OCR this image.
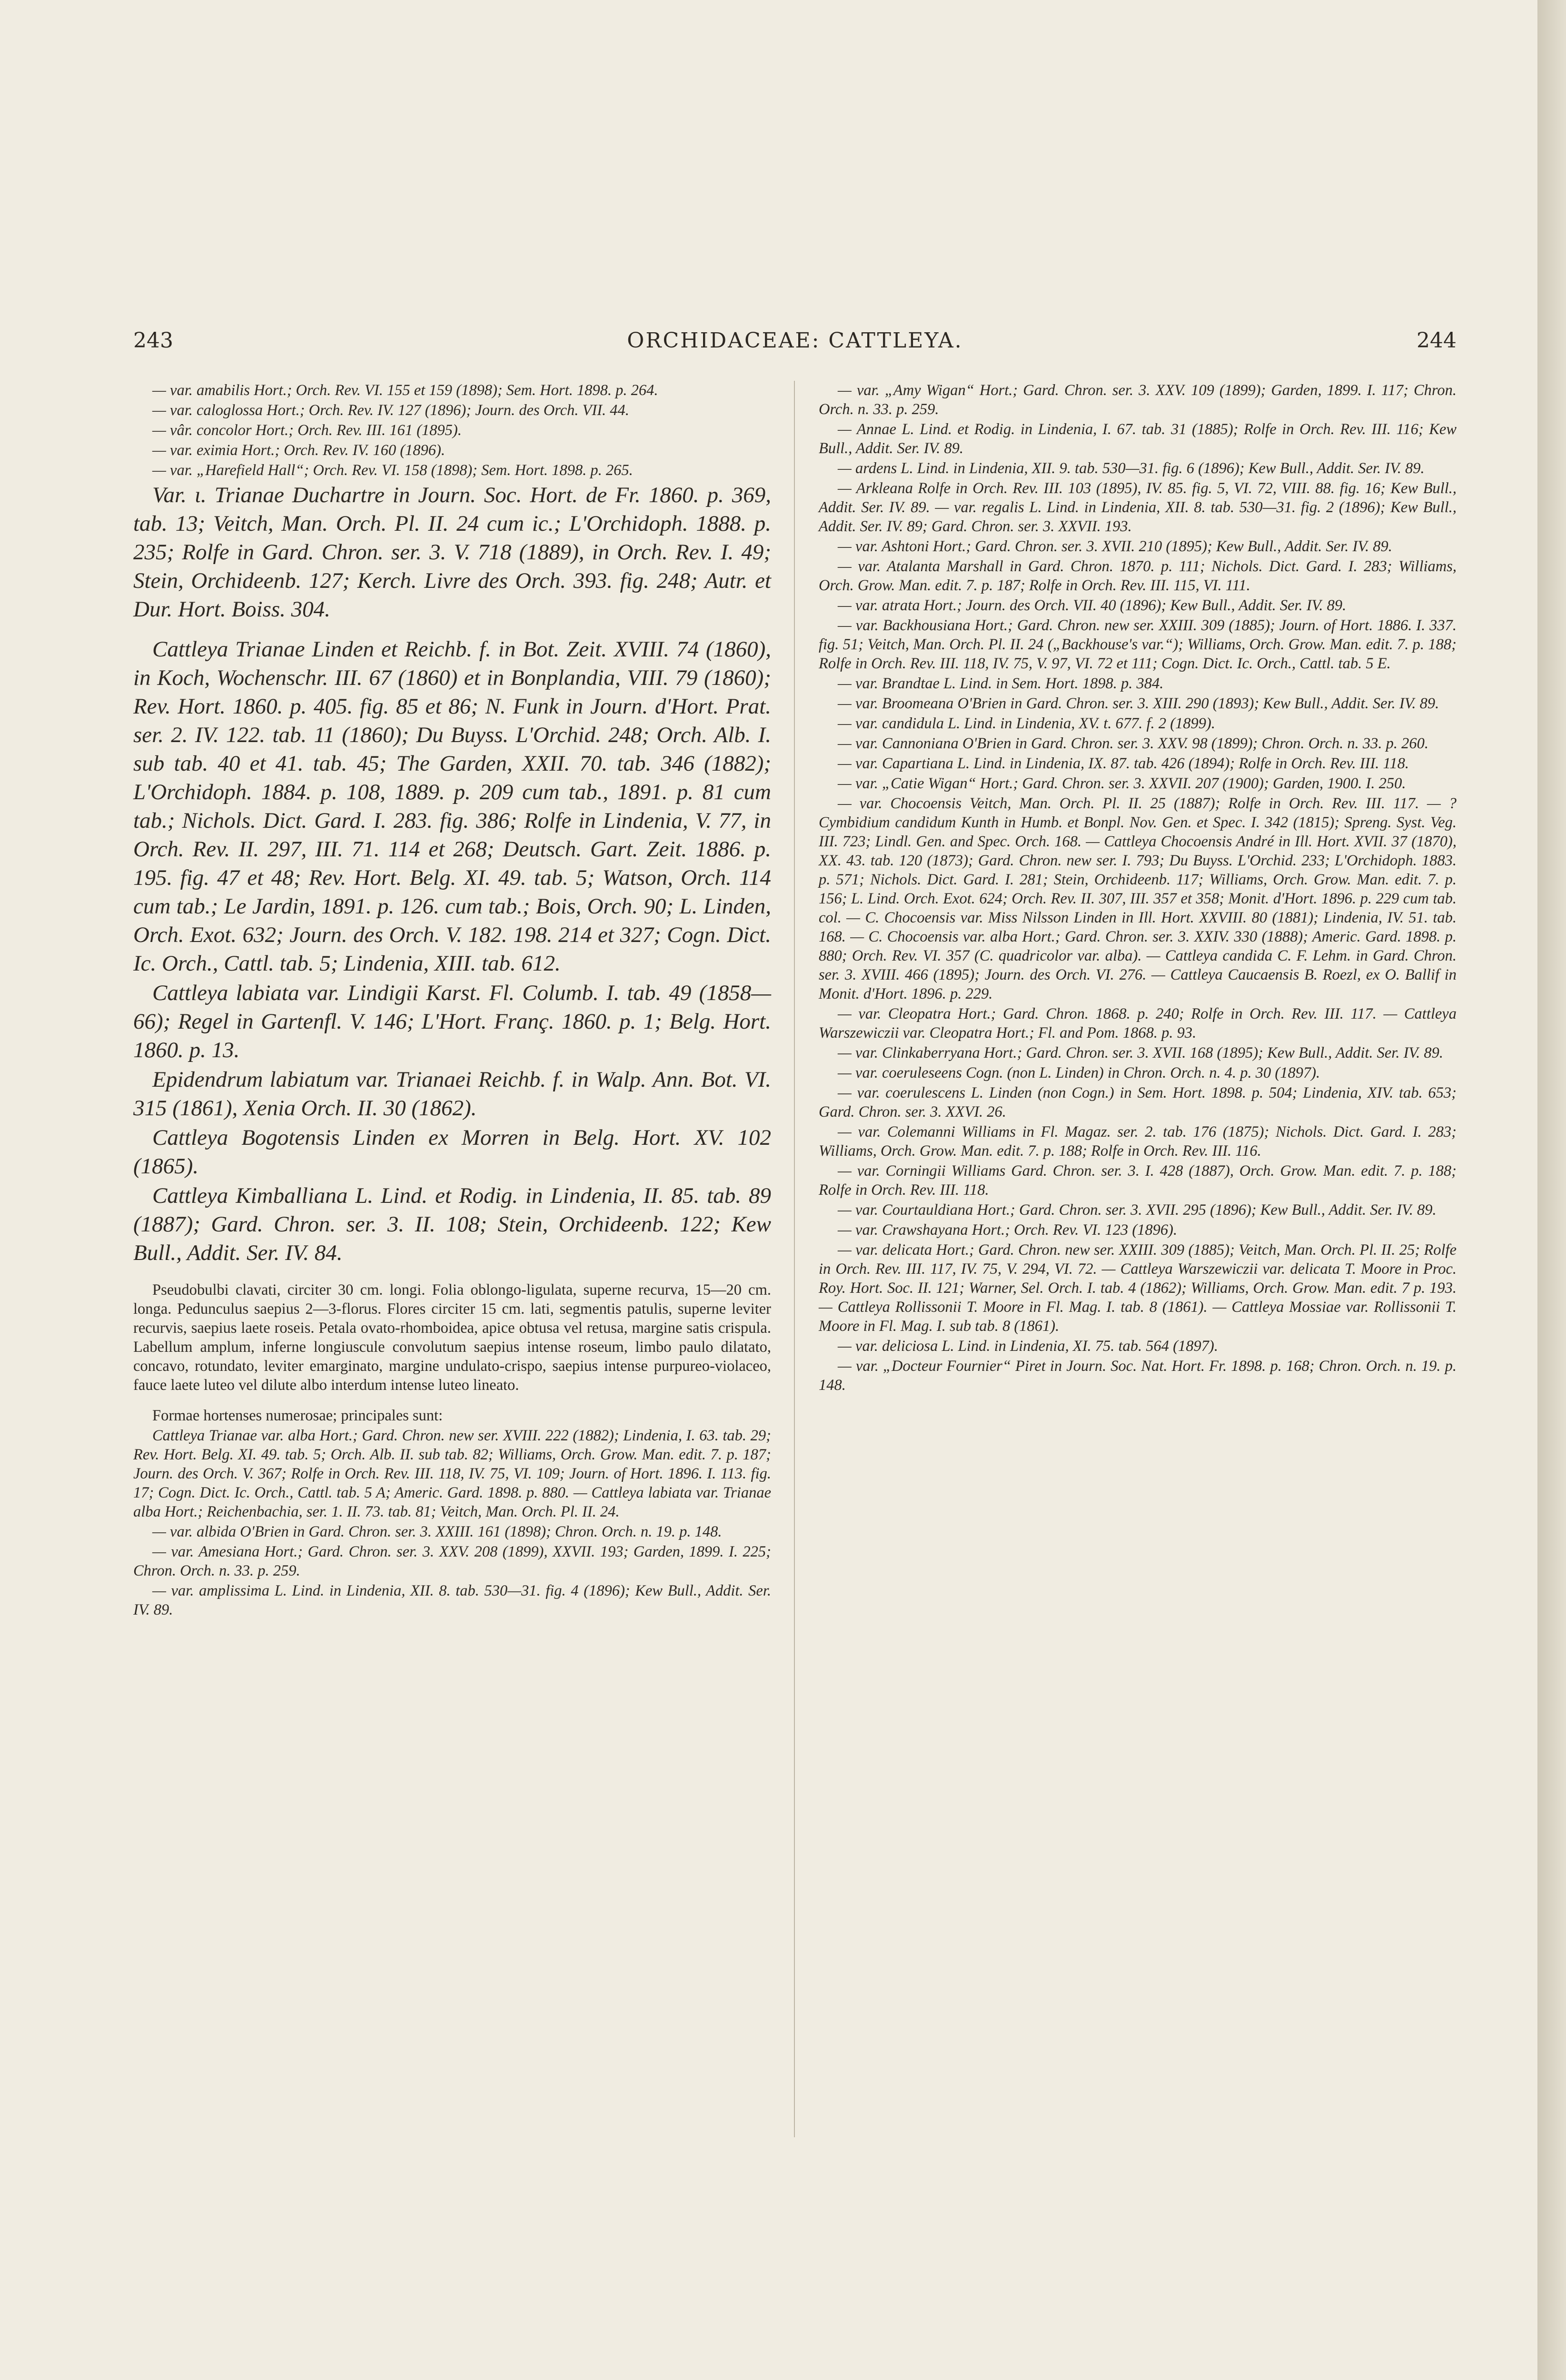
243	ORCHIDACEAE: CATTLEYA.	244

— var. amabilis Hort.; Orch. Rev. VI. 155 et 159 (1898); Sem. Hort. 1898. p. 264.

— var. caloglossa Hort.; Orch. Rev. IV. 127 (1896); Journ. des Orch. VII. 44.

— vâr. concolor Hort.; Orch. Rev. III. 161 (1895).

— var. eximia Hort.; Orch. Rev. IV. 160 (1896).

— var. „Harefield Hall“; Orch. Rev. VI. 158 (1898); Sem. Hort. 1898. p. 265.

Var. ι. Trianae Duchartre in Journ. Soc. Hort. de Fr. 1860. p. 369, tab. 13; Veitch, Man. Orch. Pl. II. 24 cum ic.; L'Orchidoph. 1888. p. 235; Rolfe in Gard. Chron. ser. 3. V. 718 (1889), in Orch. Rev. I. 49; Stein, Orchideenb. 127; Kerch. Livre des Orch. 393. fig. 248; Autr. et Dur. Hort. Boiss. 304.

Cattleya Trianae Linden et Reichb. f. in Bot. Zeit. XVIII. 74 (1860), in Koch, Wochenschr. III. 67 (1860) et in Bonplandia, VIII. 79 (1860); Rev. Hort. 1860. p. 405. fig. 85 et 86; N. Funk in Journ. d'Hort. Prat. ser. 2. IV. 122. tab. 11 (1860); Du Buyss. L'Orchid. 248; Orch. Alb. I. sub tab. 40 et 41. tab. 45; The Garden, XXII. 70. tab. 346 (1882); L'Orchidoph. 1884. p. 108, 1889. p. 209 cum tab., 1891. p. 81 cum tab.; Nichols. Dict. Gard. I. 283. fig. 386; Rolfe in Lindenia, V. 77, in Orch. Rev. II. 297, III. 71. 114 et 268; Deutsch. Gart. Zeit. 1886. p. 195. fig. 47 et 48; Rev. Hort. Belg. XI. 49. tab. 5; Watson, Orch. 114 cum tab.; Le Jardin, 1891. p. 126. cum tab.; Bois, Orch. 90; L. Linden, Orch. Exot. 632; Journ. des Orch. V. 182. 198. 214 et 327; Cogn. Dict. Ic. Orch., Cattl. tab. 5; Lindenia, XIII. tab. 612.

Cattleya labiata var. Lindigii Karst. Fl. Columb. I. tab. 49 (1858—66); Regel in Gartenfl. V. 146; L'Hort. Franç. 1860. p. 1; Belg. Hort. 1860. p. 13.

Epidendrum labiatum var. Trianaei Reichb. f. in Walp. Ann. Bot. VI. 315 (1861), Xenia Orch. II. 30 (1862).

Cattleya Bogotensis Linden ex Morren in Belg. Hort. XV. 102 (1865).

Cattleya Kimballiana L. Lind. et Rodig. in Lindenia, II. 85. tab. 89 (1887); Gard. Chron. ser. 3. II. 108; Stein, Orchideenb. 122; Kew Bull., Addit. Ser. IV. 84.

Pseudobulbi clavati, circiter 30 cm. longi. Folia oblongo-ligulata, superne recurva, 15—20 cm. longa. Pedunculus saepius 2—3-florus. Flores circiter 15 cm. lati, segmentis patulis, superne leviter recurvis, saepius laete roseis. Petala ovato-rhomboidea, apice obtusa vel retusa, margine satis crispula. Labellum amplum, inferne longiuscule convolutum saepius intense roseum, limbo paulo dilatato, concavo, rotundato, leviter emarginato, margine undulato-crispo, saepius intense purpureo-violaceo, fauce laete luteo vel dilute albo interdum intense luteo lineato.

Formae hortenses numerosae; principales sunt:

Cattleya Trianae var. alba Hort.; Gard. Chron. new ser. XVIII. 222 (1882); Lindenia, I. 63. tab. 29; Rev. Hort. Belg. XI. 49. tab. 5; Orch. Alb. II. sub tab. 82; Williams, Orch. Grow. Man. edit. 7. p. 187; Journ. des Orch. V. 367; Rolfe in Orch. Rev. III. 118, IV. 75, VI. 109; Journ. of Hort. 1896. I. 113. fig. 17; Cogn. Dict. Ic. Orch., Cattl. tab. 5 A; Americ. Gard. 1898. p. 880. — Cattleya labiata var. Trianae alba Hort.; Reichenbachia, ser. 1. II. 73. tab. 81; Veitch, Man. Orch. Pl. II. 24.

— var. albida O'Brien in Gard. Chron. ser. 3. XXIII. 161 (1898); Chron. Orch. n. 19. p. 148.

— var. Amesiana Hort.; Gard. Chron. ser. 3. XXV. 208 (1899), XXVII. 193; Garden, 1899. I. 225; Chron. Orch. n. 33. p. 259.

— var. amplissima L. Lind. in Lindenia, XII. 8. tab. 530—31. fig. 4 (1896); Kew Bull., Addit. Ser. IV. 89.

— var. „Amy Wigan“ Hort.; Gard. Chron. ser. 3. XXV. 109 (1899); Garden, 1899. I. 117; Chron. Orch. n. 33. p. 259.

— Annae L. Lind. et Rodig. in Lindenia, I. 67. tab. 31 (1885); Rolfe in Orch. Rev. III. 116; Kew Bull., Addit. Ser. IV. 89.

— ardens L. Lind. in Lindenia, XII. 9. tab. 530—31. fig. 6 (1896); Kew Bull., Addit. Ser. IV. 89.

— Arkleana Rolfe in Orch. Rev. III. 103 (1895), IV. 85. fig. 5, VI. 72, VIII. 88. fig. 16; Kew Bull., Addit. Ser. IV. 89. — var. regalis L. Lind. in Lindenia, XII. 8. tab. 530—31. fig. 2 (1896); Kew Bull., Addit. Ser. IV. 89; Gard. Chron. ser. 3. XXVII. 193.

— var. Ashtoni Hort.; Gard. Chron. ser. 3. XVII. 210 (1895); Kew Bull., Addit. Ser. IV. 89.

— var. Atalanta Marshall in Gard. Chron. 1870. p. 111; Nichols. Dict. Gard. I. 283; Williams, Orch. Grow. Man. edit. 7. p. 187; Rolfe in Orch. Rev. III. 115, VI. 111.

— var. atrata Hort.; Journ. des Orch. VII. 40 (1896); Kew Bull., Addit. Ser. IV. 89.

— var. Backhousiana Hort.; Gard. Chron. new ser. XXIII. 309 (1885); Journ. of Hort. 1886. I. 337. fig. 51; Veitch, Man. Orch. Pl. II. 24 („Backhouse's var.“); Williams, Orch. Grow. Man. edit. 7. p. 188; Rolfe in Orch. Rev. III. 118, IV. 75, V. 97, VI. 72 et 111; Cogn. Dict. Ic. Orch., Cattl. tab. 5 E.

— var. Brandtae L. Lind. in Sem. Hort. 1898. p. 384.

— var. Broomeana O'Brien in Gard. Chron. ser. 3. XIII. 290 (1893); Kew Bull., Addit. Ser. IV. 89.

— var. candidula L. Lind. in Lindenia, XV. t. 677. f. 2 (1899).

— var. Cannoniana O'Brien in Gard. Chron. ser. 3. XXV. 98 (1899); Chron. Orch. n. 33. p. 260.

— var. Capartiana L. Lind. in Lindenia, IX. 87. tab. 426 (1894); Rolfe in Orch. Rev. III. 118.

— var. „Catie Wigan“ Hort.; Gard. Chron. ser. 3. XXVII. 207 (1900); Garden, 1900. I. 250.

— var. Chocoensis Veitch, Man. Orch. Pl. II. 25 (1887); Rolfe in Orch. Rev. III. 117. — ? Cymbidium candidum Kunth in Humb. et Bonpl. Nov. Gen. et Spec. I. 342 (1815); Spreng. Syst. Veg. III. 723; Lindl. Gen. and Spec. Orch. 168. — Cattleya Chocoensis André in Ill. Hort. XVII. 37 (1870), XX. 43. tab. 120 (1873); Gard. Chron. new ser. I. 793; Du Buyss. L'Orchid. 233; L'Orchidoph. 1883. p. 571; Nichols. Dict. Gard. I. 281; Stein, Orchideenb. 117; Williams, Orch. Grow. Man. edit. 7. p. 156; L. Lind. Orch. Exot. 624; Orch. Rev. II. 307, III. 357 et 358; Monit. d'Hort. 1896. p. 229 cum tab. col. — C. Chocoensis var. Miss Nilsson Linden in Ill. Hort. XXVIII. 80 (1881); Lindenia, IV. 51. tab. 168. — C. Chocoensis var. alba Hort.; Gard. Chron. ser. 3. XXIV. 330 (1888); Americ. Gard. 1898. p. 880; Orch. Rev. VI. 357 (C. quadricolor var. alba). — Cattleya candida C. F. Lehm. in Gard. Chron. ser. 3. XVIII. 466 (1895); Journ. des Orch. VI. 276. — Cattleya Caucaensis B. Roezl, ex O. Ballif in Monit. d'Hort. 1896. p. 229.

— var. Cleopatra Hort.; Gard. Chron. 1868. p. 240; Rolfe in Orch. Rev. III. 117. — Cattleya Warszewiczii var. Cleopatra Hort.; Fl. and Pom. 1868. p. 93.

— var. Clinkaberryana Hort.; Gard. Chron. ser. 3. XVII. 168 (1895); Kew Bull., Addit. Ser. IV. 89.

— var. coeruleseens Cogn. (non L. Linden) in Chron. Orch. n. 4. p. 30 (1897).

— var. coerulescens L. Linden (non Cogn.) in Sem. Hort. 1898. p. 504; Lindenia, XIV. tab. 653; Gard. Chron. ser. 3. XXVI. 26.

— var. Colemanni Williams in Fl. Magaz. ser. 2. tab. 176 (1875); Nichols. Dict. Gard. I. 283; Williams, Orch. Grow. Man. edit. 7. p. 188; Rolfe in Orch. Rev. III. 116.

— var. Corningii Williams Gard. Chron. ser. 3. I. 428 (1887), Orch. Grow. Man. edit. 7. p. 188; Rolfe in Orch. Rev. III. 118.

— var. Courtauldiana Hort.; Gard. Chron. ser. 3. XVII. 295 (1896); Kew Bull., Addit. Ser. IV. 89.

— var. Crawshayana Hort.; Orch. Rev. VI. 123 (1896).

— var. delicata Hort.; Gard. Chron. new ser. XXIII. 309 (1885); Veitch, Man. Orch. Pl. II. 25; Rolfe in Orch. Rev. III. 117, IV. 75, V. 294, VI. 72. — Cattleya Warszewiczii var. delicata T. Moore in Proc. Roy. Hort. Soc. II. 121; Warner, Sel. Orch. I. tab. 4 (1862); Williams, Orch. Grow. Man. edit. 7 p. 193. — Cattleya Rollissonii T. Moore in Fl. Mag. I. tab. 8 (1861). — Cattleya Mossiae var. Rollissonii T. Moore in Fl. Mag. I. sub tab. 8 (1861).

— var. deliciosa L. Lind. in Lindenia, XI. 75. tab. 564 (1897).

— var. „Docteur Fournier“ Piret in Journ. Soc. Nat. Hort. Fr. 1898. p. 168; Chron. Orch. n. 19. p. 148.
